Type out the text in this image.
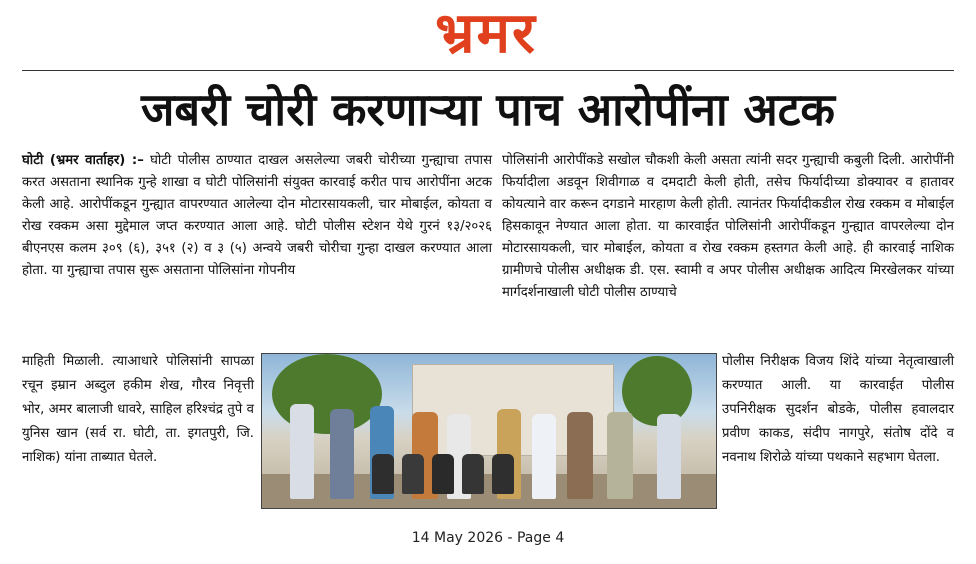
भ्रमर
जबरी चोरी करणाऱ्या पाच आरोपींना अटक
घोटी (भ्रमर वार्ताहर) :– घोटी पोलीस ठाण्यात दाखल असलेल्या जबरी चोरीच्या गुन्ह्याचा तपास करत असताना स्थानिक गुन्हे शाखा व घोटी पोलिसांनी संयुक्त कारवाई करीत पाच आरोपींना अटक केली आहे. आरोपींकडून गुन्ह्यात वापरण्यात आलेल्या दोन मोटारसायकली, चार मोबाईल, कोयता व रोख रक्कम असा मुद्देमाल जप्त करण्यात आला आहे. घोटी पोलीस स्टेशन येथे गुरनं १३/२०२६ बीएनएस कलम ३०९ (६), ३५१ (२) व ३ (५) अन्वये जबरी चोरीचा गुन्हा दाखल करण्यात आला होता. या गुन्ह्याचा तपास सुरू असताना पोलिसांना गोपनीय
पोलिसांनी आरोपींकडे सखोल चौकशी केली असता त्यांनी सदर गुन्ह्याची कबुली दिली. आरोपींनी फिर्यादीला अडवून शिवीगाळ व दमदाटी केली होती, तसेच फिर्यादीच्या डोक्यावर व हातावर कोयत्याने वार करून दगडाने मारहाण केली होती. त्यानंतर फिर्यादीकडील रोख रक्कम व मोबाईल हिसकावून नेण्यात आला होता. या कारवाईत पोलिसांनी आरोपींकडून गुन्ह्यात वापरलेल्या दोन मोटारसायकली, चार मोबाईल, कोयता व रोख रक्कम हस्तगत केली आहे. ही कारवाई नाशिक ग्रामीणचे पोलीस अधीक्षक डी. एस. स्वामी व अपर पोलीस अधीक्षक आदित्य मिरखेलकर यांच्या मार्गदर्शनाखाली घोटी पोलीस ठाण्याचे
माहिती मिळाली. त्याआधारे पोलिसांनी सापळा रचून इम्रान अब्दुल हकीम शेख, गौरव निवृत्ती भोर, अमर बालाजी धावरे, साहिल हरिश्चंद्र तुपे व युनिस खान (सर्व रा. घोटी, ता. इगतपुरी, जि. नाशिक) यांना ताब्यात घेतले.
पोलीस निरीक्षक विजय शिंदे यांच्या नेतृत्वाखाली करण्यात आली. या कारवाईत पोलीस उपनिरीक्षक सुदर्शन बोडके, पोलीस हवालदार प्रवीण काकड, संदीप नागपुरे, संतोष दोंदे व नवनाथ शिरोळे यांच्या पथकाने सहभाग घेतला.
14 May 2026 - Page 4
